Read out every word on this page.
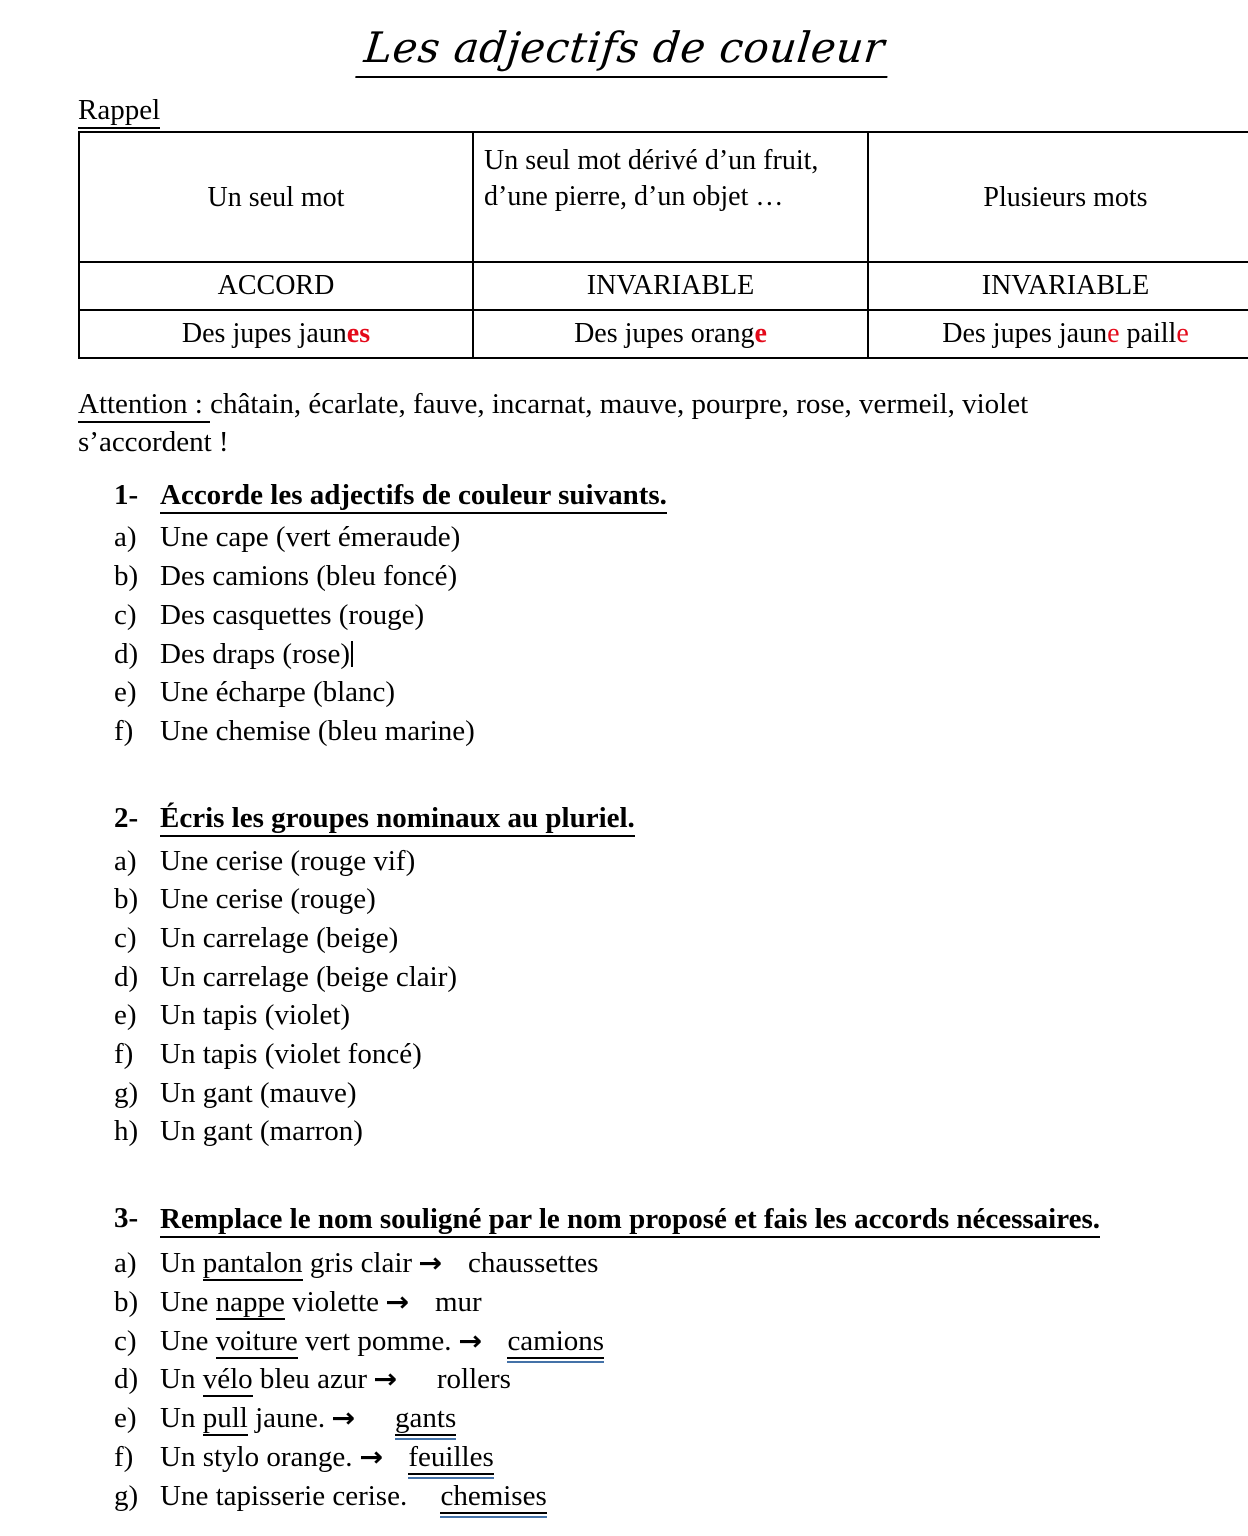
Les adjectifs de couleur
Rappel
Un seul mot	Un seul mot dérivé d’un fruit, d’une pierre, d’un objet …	Plusieurs mots
ACCORD	INVARIABLE	INVARIABLE
Des jupes jaunes	Des jupes orange	Des jupes jaune paille

Attention : châtain, écarlate, fauve, incarnat, mauve, pourpre, rose, vermeil, violet s’accordent !

1- Accorde les adjectifs de couleur suivants.
a) Une cape (vert émeraude)
b) Des camions (bleu foncé)
c) Des casquettes (rouge)
d) Des draps (rose)
e) Une écharpe (blanc)
f) Une chemise (bleu marine)
2- Écris les groupes nominaux au pluriel.
a) Une cerise (rouge vif)
b) Une cerise (rouge)
c) Un carrelage (beige)
d) Un carrelage (beige clair)
e) Un tapis (violet)
f) Un tapis (violet foncé)
g) Un gant (mauve)
h) Un gant (marron)
3- Remplace le nom souligné par le nom proposé et fais les accords nécessaires.
a) Un pantalon gris clair → chaussettes
b) Une nappe violette → mur
c) Une voiture vert pomme. → camions
d) Un vélo bleu azur → rollers
e) Un pull jaune. → gants
f) Un stylo orange. → feuilles
g) Une tapisserie cerise. chemises
